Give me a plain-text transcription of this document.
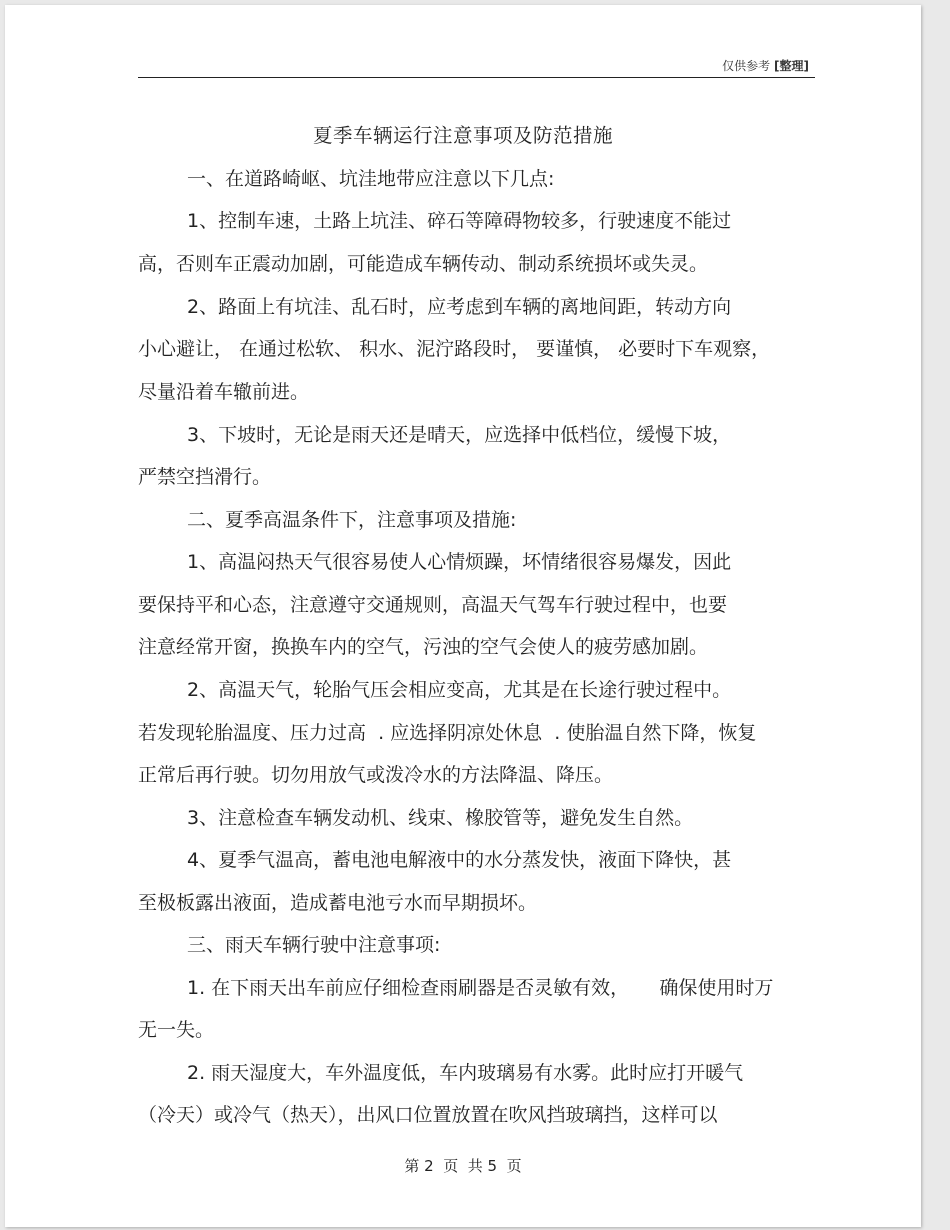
仅供参考 [整理]
夏季车辆运行注意事项及防范措施
一、在道路崎岖、坑洼地带应注意以下几点:
1、控制车速，土路上坑洼、碎石等障碍物较多，行驶速度不能过
高，否则车正震动加剧，可能造成车辆传动、制动系统损坏或失灵。
2、路面上有坑洼、乱石时，应考虑到车辆的离地间距，转动方向
小心避让， 在通过松软、 积水、泥泞路段时， 要谨慎， 必要时下车观察，
尽量沿着车辙前进。
3、下坡时，无论是雨天还是晴天，应选择中低档位，缓慢下坡，
严禁空挡滑行。
二、夏季高温条件下，注意事项及措施:
1、高温闷热天气很容易使人心情烦躁，坏情绪很容易爆发，因此
要保持平和心态，注意遵守交通规则，高温天气驾车行驶过程中，也要
注意经常开窗，换换车内的空气，污浊的空气会使人的疲劳感加剧。
2、高温天气，轮胎气压会相应变高，尤其是在长途行驶过程中。
若发现轮胎温度、压力过高  . 应选择阴凉处休息  . 使胎温自然下降，恢复
正常后再行驶。切勿用放气或泼冷水的方法降温、降压。
3、注意检查车辆发动机、线束、橡胶管等，避免发生自然。
4、夏季气温高，蓄电池电解液中的水分蒸发快，液面下降快，甚
至极板露出液面，造成蓄电池亏水而早期损坏。
三、雨天车辆行驶中注意事项:
1. 在下雨天出车前应仔细检查雨刷器是否灵敏有效，     确保使用时万
无一失。
2. 雨天湿度大，车外温度低，车内玻璃易有水雾。此时应打开暖气
（冷天）或冷气（热天），出风口位置放置在吹风挡玻璃挡，这样可以
第 2  页  共 5  页
